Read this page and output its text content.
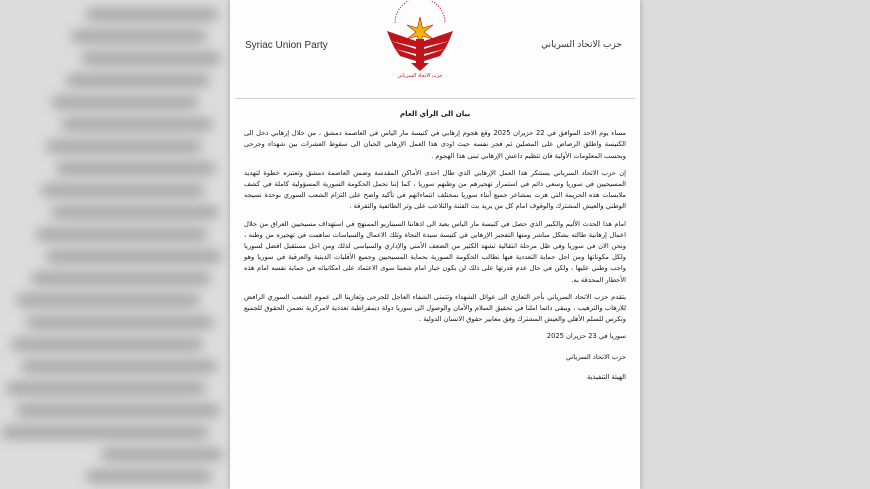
Syriac Union Party
حزب الاتحاد السرياني
حزب الاتحاد السرياني

بيان الى الرأي العام

مساء يوم الاحد الموافق في 22 حزيران 2025 وقع هجوم إرهابي في كنيسة مار الياس في العاصمة دمشق ، من خلال إرهابي دخل الى الكنيسة واطلق الرصاص على المصلين ثم فجر نفسه حيث اودى هذا العمل الإرهابي الجبان الى سقوط العشرات بين شهداء وجرحى وبحسب المعلومات الأولية فان تنظيم داعش الإرهابي تبنى هذا الهجوم .

إن حزب الاتحاد السرياني يستنكر هذا العمل الإرهابي الذي طال احدى الأماكن المقدسة وضمن العاصمة دمشق وتعتبره خطوة لتهديد المسيحيين في سوريا وسعي دائم في استمرار تهجيرهم من وطنهم سوريا ، كما إننا نحمل الحكومة السورية المسؤولية كاملة في كشف ملابسات هذه الجريمة التي هزت بمشاعر جميع أبناء سوريا بمختلف انتماءاتهم في تأكيد واضح على التزام الشعب السوري بوحدة نسيجه الوطني والعيش المشترك والوقوف امام كل من يريد بث الفتنة والتلاعب على وتر الطائفية والتفرقة .

امام هذا الحدث الأليم والكبير الذي حصل في كنيسة مار الياس يعيد الى اذهاننا السيناريو الممنهج في استهداف مسيحيين العراق من خلال اعمال إرهابية طالته بشكل مباشر ومنها التفجير الإرهابي في كنيسة سيدة النجاة وتلك الاعمال والسياسات ساهمت في تهجيره من وطنه ، ونحن الان في سوريا وفي ظل مرحلة انتقالية تشهد الكثير من الضعف الأمني والإداري والسياسي لذلك ومن اجل مستقبل افضل لسوريا ولكل مكوناتها ومن اجل حماية التعددية فيها نطالب الحكومة السورية بحماية المسيحيين وجميع الأقليات الدينية والعرقية في سوريا وهو واجب وطني عليها ، ولكن في حال عدم قدرتها على ذلك لن يكون خيار امام شعبنا سوى الاعتماد على امكانياته في حماية نفسه امام هذه الأخطار المحدقة به.

يتقدم حزب الاتحاد السرياني بأحر التعازي الى عوائل الشهداء وتتمنى الشفاء العاجل للجرحى وتعازينا الى عموم الشعب السوري الرافض للارهاب والترهيب ، ويبقى دائما املنا في تحقيق السلام والأمان والوصول الى سوريا دولة ديمقراطية تعددية لامركزية تضمن الحقوق للجميع وتكرس للسلم الأهلي والعيش المشترك وفق معايير حقوق الانسان الدولية .

سوريا في 23 حزيران 2025

حزب الاتحاد السرياني

الهيئة التنفيذية
